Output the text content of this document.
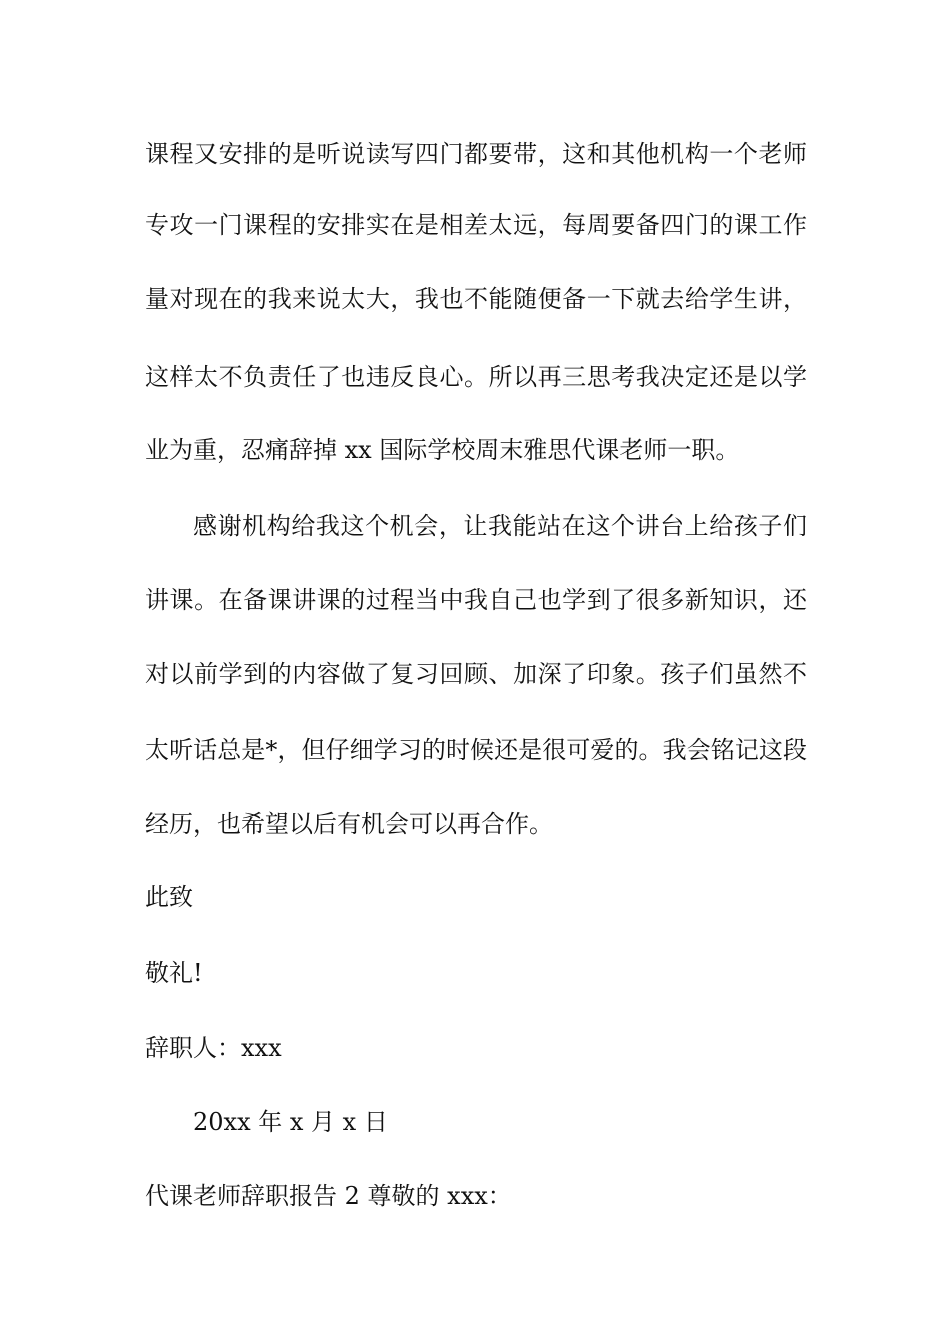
课程又安排的是听说读写四门都要带，这和其他机构一个老师
专攻一门课程的安排实在是相差太远，每周要备四门的课工作
量对现在的我来说太大，我也不能随便备一下就去给学生讲，
这样太不负责任了也违反良心。所以再三思考我决定还是以学
业为重，忍痛辞掉 xx 国际学校周末雅思代课老师一职。
感谢机构给我这个机会，让我能站在这个讲台上给孩子们
讲课。在备课讲课的过程当中我自己也学到了很多新知识，还
对以前学到的内容做了复习回顾、加深了印象。孩子们虽然不
太听话总是*，但仔细学习的时候还是很可爱的。我会铭记这段
经历，也希望以后有机会可以再合作。
此致
敬礼!
辞职人：xxx
20xx 年 x 月 x 日
代课老师辞职报告 2 尊敬的 xxx：
